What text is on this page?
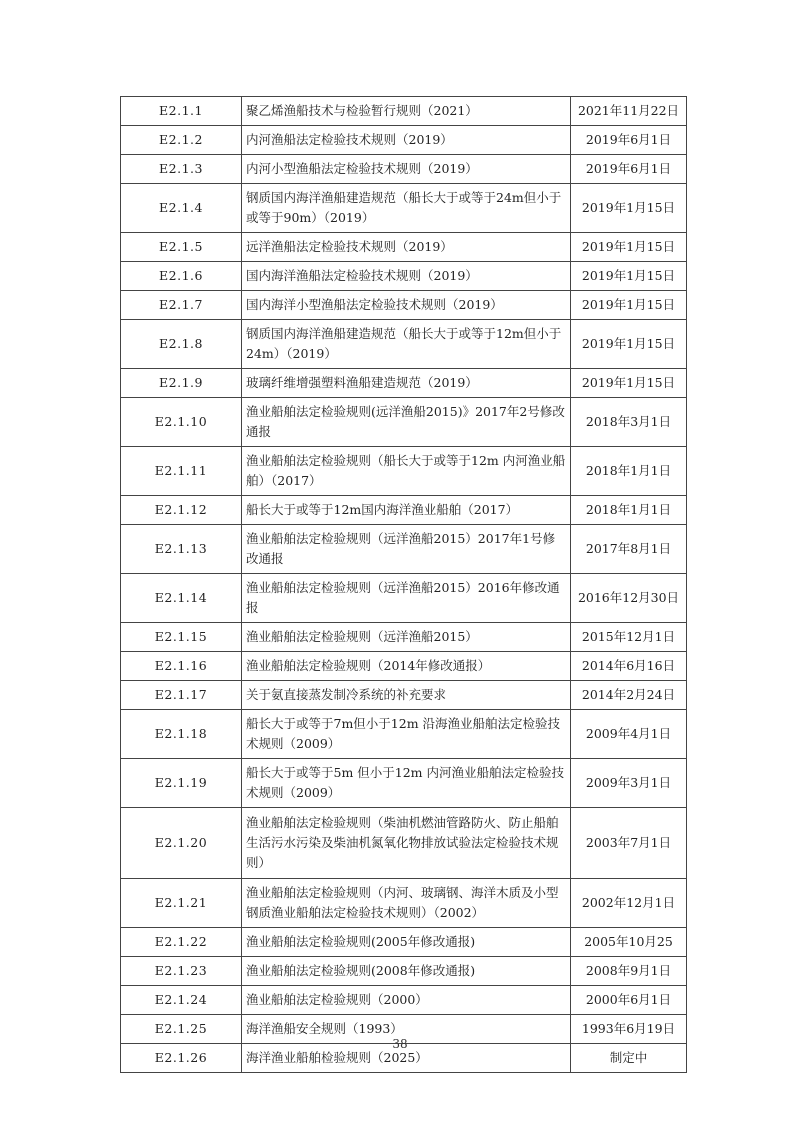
E2.1.1	聚乙烯渔船技术与检验暂行规则（2021）	2021年11月22日
E2.1.2	内河渔船法定检验技术规则（2019）	2019年6月1日
E2.1.3	内河小型渔船法定检验技术规则（2019）	2019年6月1日
E2.1.4	钢质国内海洋渔船建造规范（船长大于或等于24m但小于或等于90m）（2019）	2019年1月15日
E2.1.5	远洋渔船法定检验技术规则（2019）	2019年1月15日
E2.1.6	国内海洋渔船法定检验技术规则（2019）	2019年1月15日
E2.1.7	国内海洋小型渔船法定检验技术规则（2019）	2019年1月15日
E2.1.8	钢质国内海洋渔船建造规范（船长大于或等于12m但小于24m）（2019）	2019年1月15日
E2.1.9	玻璃纤维增强塑料渔船建造规范（2019）	2019年1月15日
E2.1.10	渔业船舶法定检验规则(远洋渔船2015)》2017年2号修改通报	2018年3月1日
E2.1.11	渔业船舶法定检验规则（船长大于或等于12m 内河渔业船舶）（2017）	2018年1月1日
E2.1.12	船长大于或等于12m国内海洋渔业船舶（2017）	2018年1月1日
E2.1.13	渔业船舶法定检验规则（远洋渔船2015）2017年1号修改通报	2017年8月1日
E2.1.14	渔业船舶法定检验规则（远洋渔船2015）2016年修改通报	2016年12月30日
E2.1.15	渔业船舶法定检验规则（远洋渔船2015）	2015年12月1日
E2.1.16	渔业船舶法定检验规则（2014年修改通报）	2014年6月16日
E2.1.17	关于氨直接蒸发制冷系统的补充要求	2014年2月24日
E2.1.18	船长大于或等于7m但小于12m 沿海渔业船舶法定检验技术规则（2009）	2009年4月1日
E2.1.19	船长大于或等于5m 但小于12m 内河渔业船舶法定检验技术规则（2009）	2009年3月1日
E2.1.20	渔业船舶法定检验规则（柴油机燃油管路防火、防止船舶生活污水污染及柴油机氮氧化物排放试验法定检验技术规则）	2003年7月1日
E2.1.21	渔业船舶法定检验规则（内河、玻璃钢、海洋木质及小型钢质渔业船舶法定检验技术规则）（2002）	2002年12月1日
E2.1.22	渔业船舶法定检验规则(2005年修改通报)	2005年10月25
E2.1.23	渔业船舶法定检验规则(2008年修改通报)	2008年9月1日
E2.1.24	渔业船舶法定检验规则（2000）	2000年6月1日
E2.1.25	海洋渔船安全规则（1993）	1993年6月19日
E2.1.26	海洋渔业船舶检验规则（2025）	制定中
38
